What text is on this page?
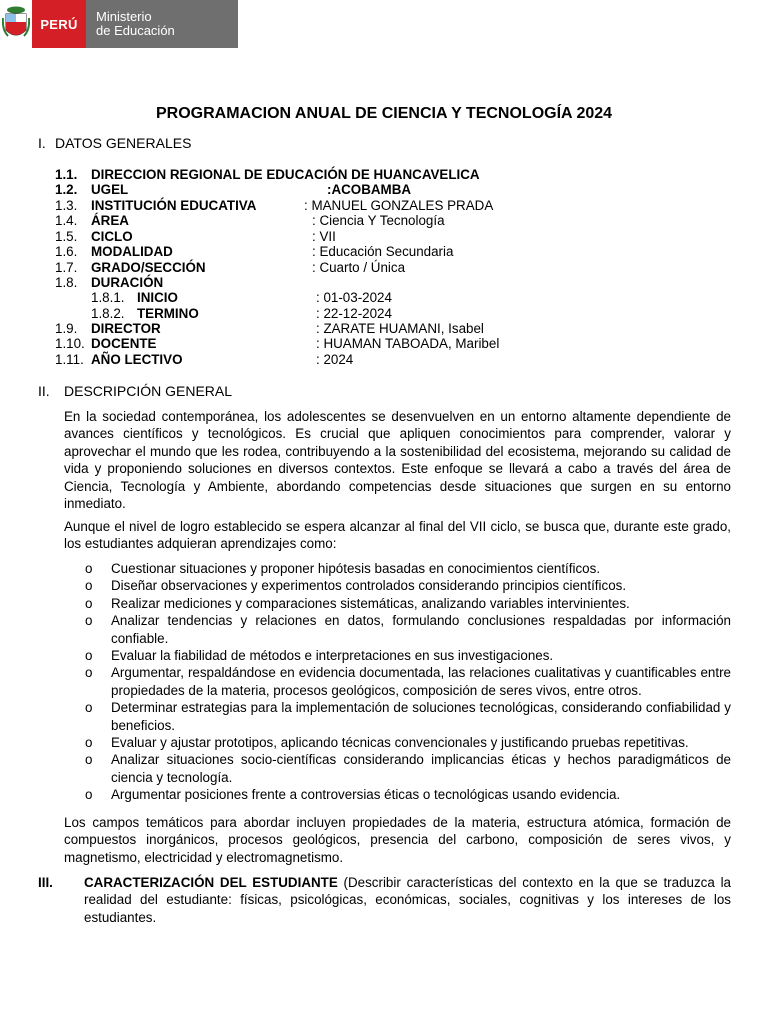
PERÚ	Ministerio
de Educación
PROGRAMACION ANUAL DE CIENCIA Y TECNOLOGÍA 2024
I. DATOS GENERALES
1.1. DIRECCION REGIONAL DE EDUCACIÓN DE HUANCAVELICA
1.2. UGEL	:ACOBAMBA
1.3. INSTITUCIÓN EDUCATIVA	: MANUEL GONZALES PRADA
1.4. ÁREA	: Ciencia Y Tecnología
1.5. CICLO	: VII
1.6. MODALIDAD	: Educación Secundaria
1.7. GRADO/SECCIÓN	: Cuarto / Única
1.8. DURACIÓN
1.8.1. INICIO	: 01-03-2024
1.8.2. TERMINO	: 22-12-2024
1.9. DIRECTOR	: ZARATE HUAMANI, Isabel
1.10. DOCENTE	: HUAMAN TABOADA, Maribel
1.11. AÑO LECTIVO	: 2024
II. DESCRIPCIÓN GENERAL
En la sociedad contemporánea, los adolescentes se desenvuelven en un entorno altamente dependiente de avances científicos y tecnológicos. Es crucial que apliquen conocimientos para comprender, valorar y aprovechar el mundo que les rodea, contribuyendo a la sostenibilidad del ecosistema, mejorando su calidad de vida y proponiendo soluciones en diversos contextos. Este enfoque se llevará a cabo a través del área de Ciencia, Tecnología y Ambiente, abordando competencias desde situaciones que surgen en su entorno inmediato.
Aunque el nivel de logro establecido se espera alcanzar al final del VII ciclo, se busca que, durante este grado, los estudiantes adquieran aprendizajes como:
o Cuestionar situaciones y proponer hipótesis basadas en conocimientos científicos.
o Diseñar observaciones y experimentos controlados considerando principios científicos.
o Realizar mediciones y comparaciones sistemáticas, analizando variables intervinientes.
o Analizar tendencias y relaciones en datos, formulando conclusiones respaldadas por información confiable.
o Evaluar la fiabilidad de métodos e interpretaciones en sus investigaciones.
o Argumentar, respaldándose en evidencia documentada, las relaciones cualitativas y cuantificables entre propiedades de la materia, procesos geológicos, composición de seres vivos, entre otros.
o Determinar estrategias para la implementación de soluciones tecnológicas, considerando confiabilidad y beneficios.
o Evaluar y ajustar prototipos, aplicando técnicas convencionales y justificando pruebas repetitivas.
o Analizar situaciones socio-científicas considerando implicancias éticas y hechos paradigmáticos de ciencia y tecnología.
o Argumentar posiciones frente a controversias éticas o tecnológicas usando evidencia.
Los campos temáticos para abordar incluyen propiedades de la materia, estructura atómica, formación de compuestos inorgánicos, procesos geológicos, presencia del carbono, composición de seres vivos, y magnetismo, electricidad y electromagnetismo.
III. CARACTERIZACIÓN DEL ESTUDIANTE (Describir características del contexto en la que se traduzca la realidad del estudiante: físicas, psicológicas, económicas, sociales, cognitivas y los intereses de los estudiantes.
